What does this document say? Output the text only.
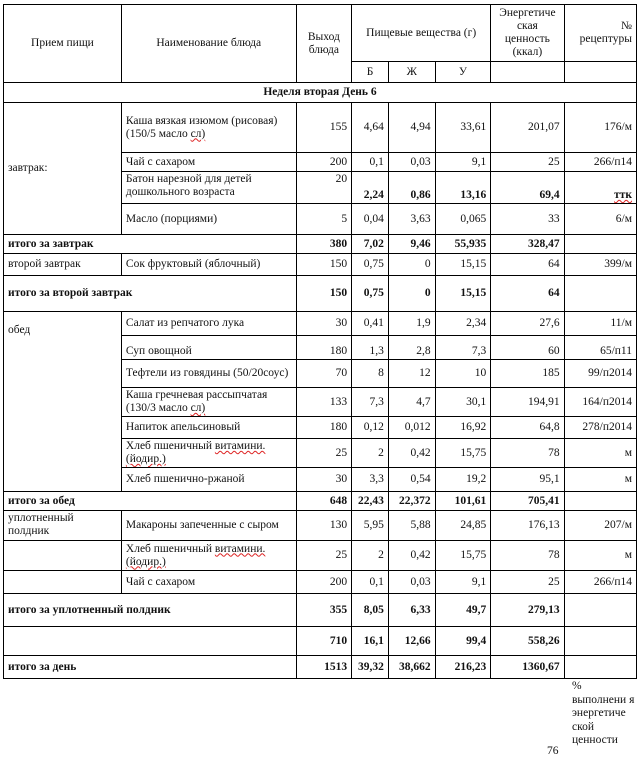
Прием пищи	Наименование блюда	Выход блюда	Пищевые вещества (г)			Энергетиче ская ценность (ккал)	№ рецептуры
			Б	Ж	У		
Неделя вторая День 6							
завтрак:	Каша вязкая изюмом (рисовая) (150/5 масло сл)	155	4,64	4,94	33,61	201,07	176/м
	Чай с сахаром	200	0,1	0,03	9,1	25	266/п14
	Батон нарезной для детей дошкольного возраста	20	2,24	0,86	13,16	69,4	ттк
	Масло (порциями)	5	0,04	3,63	0,065	33	6/м
итого за завтрак		380	7,02	9,46	55,935	328,47	
второй завтрак	Сок фруктовый (яблочный)	150	0,75	0	15,15	64	399/м
итого за второй завтрак		150	0,75	0	15,15	64	

обед	Салат из репчатого лука	30	0,41	1,9	2,34	27,6	11/м
	Суп овощной	180	1,3	2,8	7,3	60	65/п11
	Тефтели из говядины (50/20соус)	70	8	12	10	185	99/п2014
	Каша гречневая рассыпчатая (130/3 масло сл)	133	7,3	4,7	30,1	194,91	164/п2014
	Напиток апельсиновый	180	0,12	0,012	16,92	64,8	278/п2014
	Хлеб пшеничный витамини. (йодир.)	25	2	0,42	15,75	78	м
	Хлеб пшенично-ржаной	30	3,3	0,54	19,2	95,1	м
итого за обед		648	22,43	22,372	101,61	705,41	
уплотненный полдник	Макароны запеченные с сыром	130	5,95	5,88	24,85	176,13	207/м
	Хлеб пшеничный витамини. (йодир.)	25	2	0,42	15,75	78	м
	Чай с сахаром	200	0,1	0,03	9,1	25	266/п14
итого за уплотненный полдник		355	8,05	6,33	49,7	279,13	
		710	16,1	12,66	99,4	558,26	
итого за день		1513	39,32	38,662	216,23	1360,67	
76
% выполнени я энергетиче ской ценности
